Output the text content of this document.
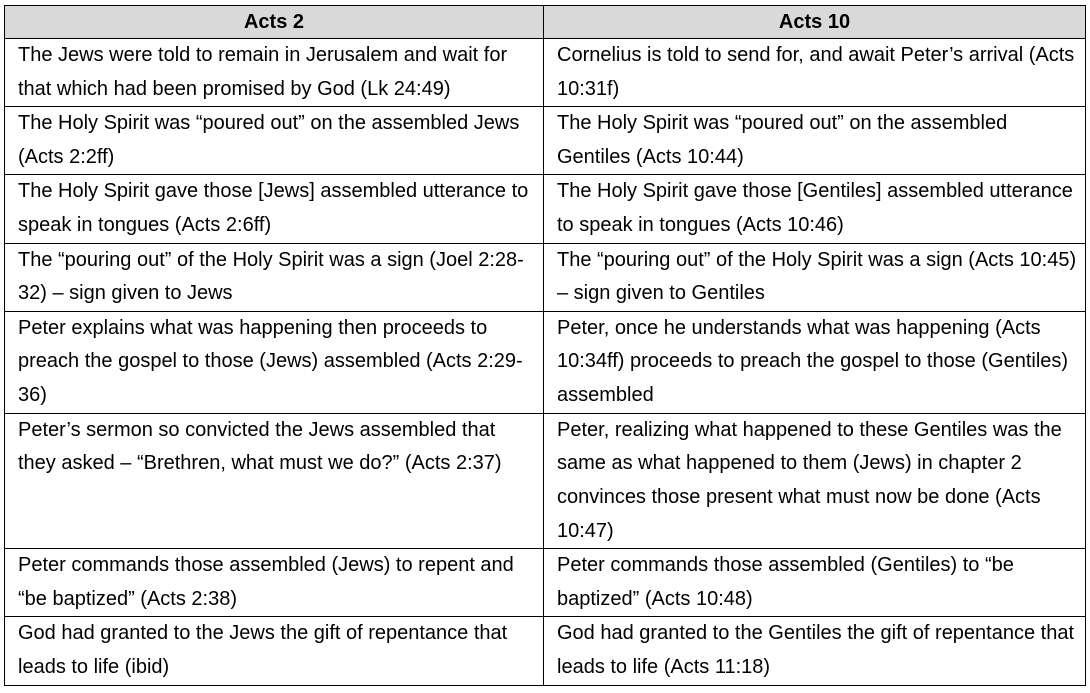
Acts 2	Acts 10
The Jews were told to remain in Jerusalem and wait for that which had been promised by God (Lk 24:49)	Cornelius is told to send for, and await Peter’s arrival (Acts 10:31f)
The Holy Spirit was “poured out” on the assembled Jews (Acts 2:2ff)	The Holy Spirit was “poured out” on the assembled Gentiles (Acts 10:44)
The Holy Spirit gave those [Jews] assembled utterance to speak in tongues (Acts 2:6ff)	The Holy Spirit gave those [Gentiles] assembled utterance to speak in tongues (Acts 10:46)
The “pouring out” of the Holy Spirit was a sign (Joel 2:28-32) – sign given to Jews	The “pouring out” of the Holy Spirit was a sign (Acts 10:45) – sign given to Gentiles
Peter explains what was happening then proceeds to preach the gospel to those (Jews) assembled (Acts 2:29-36)	Peter, once he understands what was happening (Acts 10:34ff) proceeds to preach the gospel to those (Gentiles) assembled
Peter’s sermon so convicted the Jews assembled that they asked – “Brethren, what must we do?” (Acts 2:37)	Peter, realizing what happened to these Gentiles was the same as what happened to them (Jews) in chapter 2 convinces those present what must now be done (Acts 10:47)
Peter commands those assembled (Jews) to repent and “be baptized” (Acts 2:38)	Peter commands those assembled (Gentiles) to “be baptized” (Acts 10:48)
God had granted to the Jews the gift of repentance that leads to life (ibid)	God had granted to the Gentiles the gift of repentance that leads to life (Acts 11:18)
